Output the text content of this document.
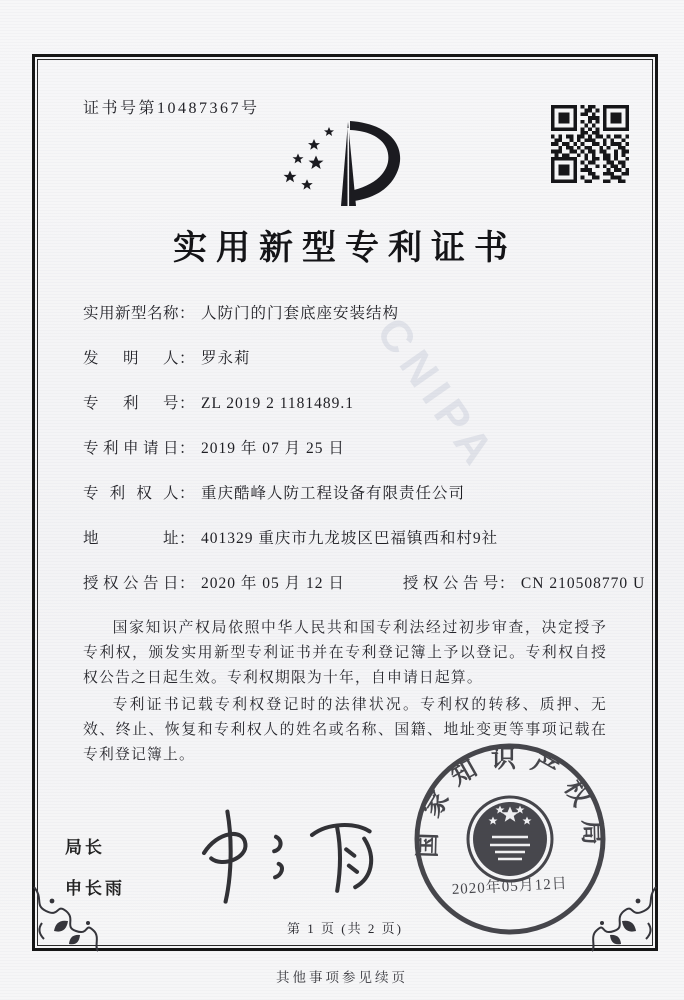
证书号第10487367号
实用新型专利证书
实用新型名称： 人防门的门套底座安装结构
发明人： 罗永莉
专利号： ZL 2019 2 1181489.1
专利申请日： 2019 年 07 月 25 日
专利权人： 重庆酷峰人防工程设备有限责任公司
地址： 401329 重庆市九龙坡区巴福镇西和村9社
授权公告日： 2020 年 05 月 12 日	授权公告号： CN 210508770 U

国家知识产权局依照中华人民共和国专利法经过初步审查，决定授予专利权，颁发实用新型专利证书并在专利登记簿上予以登记。专利权自授权公告之日起生效。专利权期限为十年，自申请日起算。

专利证书记载专利权登记时的法律状况。专利权的转移、质押、无效、终止、恢复和专利权人的姓名或名称、国籍、地址变更等事项记载在专利登记簿上。

局长
申长雨
国家知识产权局
2020年05月12日
CNIPA
第 1 页 (共 2 页)
其他事项参见续页
